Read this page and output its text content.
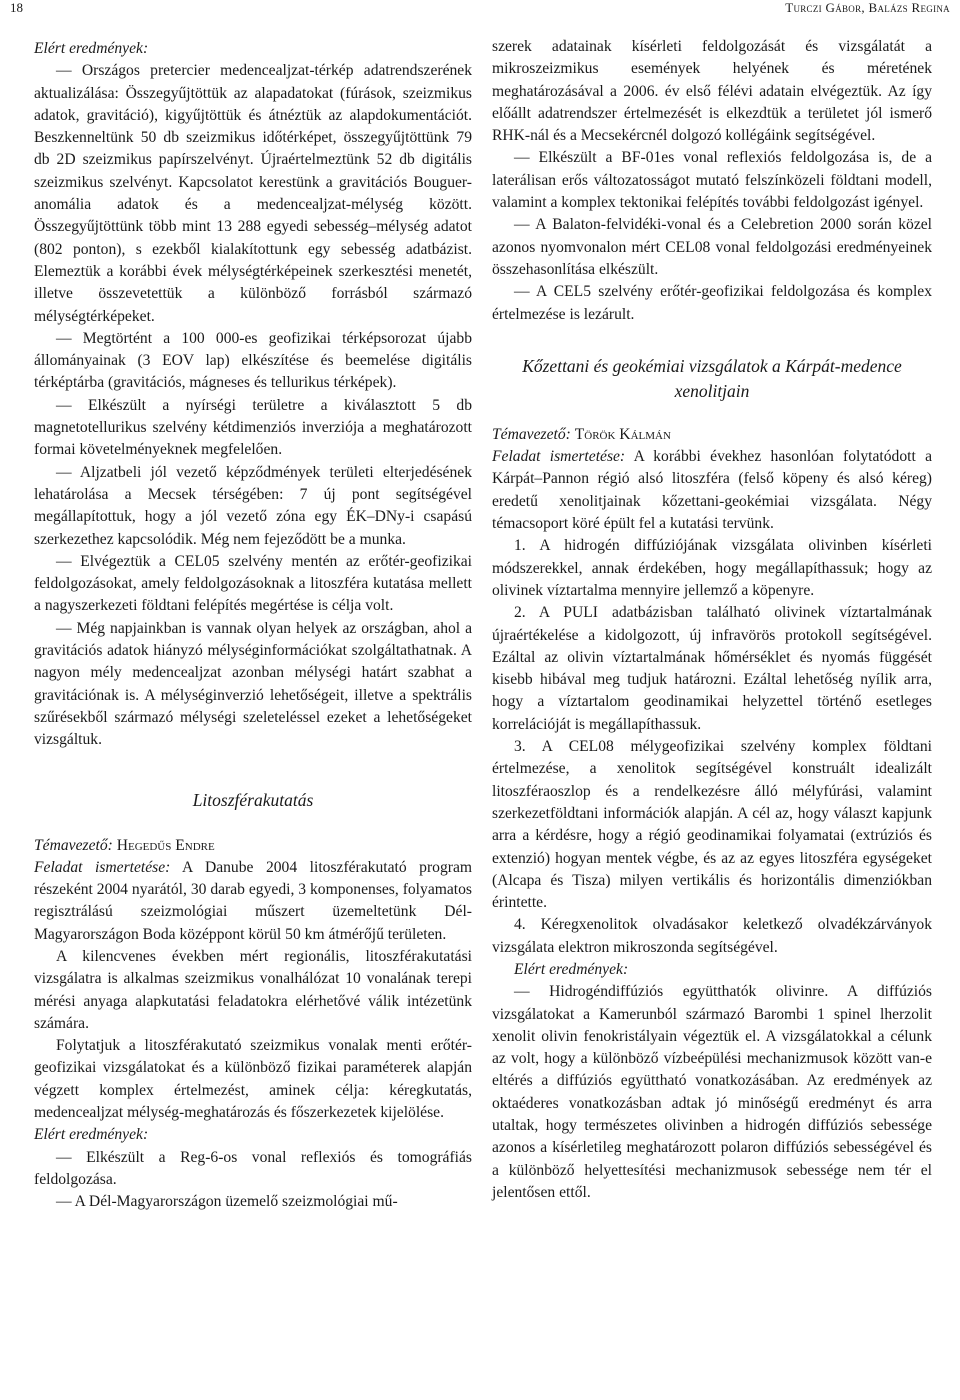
18	Turczi Gábor, Balázs Regina

Elért eredmények:

— Országos pretercier medencealjzat-térkép adatrendszerének aktualizálása: Összegyűjtöttük az alapadatokat (fúrások, szeizmikus adatok, gravitáció), kigyűjtöttük és átnéztük az alapdokumentációt. Beszkenneltünk 50 db szeizmikus időtérképet, összegyűjtöttünk 79 db 2D szeizmikus papírszelvényt. Újraértelmeztünk 52 db digitális szeizmikus szelvényt. Kapcsolatot kerestünk a gravitációs Bouguer-anomália adatok és a medencealjzat-mélység között. Összegyűjtöttünk több mint 13 288 egyedi sebesség–mélység adatot (802 ponton), s ezekből kialakítottunk egy sebesség adatbázist. Elemeztük a korábbi évek mélységtérképeinek szerkesztési menetét, illetve összevetettük a különböző forrásból származó mélységtérképeket.

— Megtörtént a 100 000-es geofizikai térképsorozat újabb állományainak (3 EOV lap) elkészítése és beemelése digitális térképtárba (gravitációs, mágneses és tellurikus térképek).

— Elkészült a nyírségi területre a kiválasztott 5 db magnetotellurikus szelvény kétdimenziós inverziója a meghatározott formai követelményeknek megfelelően.

— Aljzatbeli jól vezető képződmények területi elterjedésének lehatárolása a Mecsek térségében: 7 új pont segítségével megállapítottuk, hogy a jól vezető zóna egy ÉK–DNy-i csapású szerkezethez kapcsolódik. Még nem fejeződött be a munka.

— Elvégeztük a CEL05 szelvény mentén az erőtér-geofizikai feldolgozásokat, amely feldolgozásoknak a litoszféra kutatása mellett a nagyszerkezeti földtani felépítés megértése is célja volt.

— Még napjainkban is vannak olyan helyek az országban, ahol a gravitációs adatok hiányzó mélységinformációkat szolgáltathatnak. A nagyon mély medencealjzat azonban mélységi határt szabhat a gravitációnak is. A mélységinverzió lehetőségeit, illetve a spektrális szűrésekből származó mélységi szeleteléssel ezeket a lehetőségeket vizsgáltuk.

Litoszférakutatás

Témavezető: Hegedűs Endre

Feladat ismertetése: A Danube 2004 litoszférakutató program részeként 2004 nyarától, 30 darab egyedi, 3 komponenses, folyamatos regisztrálású szeizmológiai műszert üzemeltetünk Dél-Magyarországon Boda középpont körül 50 km átmérőjű területen.

A kilencvenes években mért regionális, litoszférakutatási vizsgálatra is alkalmas szeizmikus vonalhálózat 10 vonalának terepi mérési anyaga alapkutatási feladatokra elérhetővé válik intézetünk számára.

Folytatjuk a litoszférakutató szeizmikus vonalak menti erőtér-geofizikai vizsgálatokat és a különböző fizikai paraméterek alapján végzett komplex értelmezést, aminek célja: kéregkutatás, medencealjzat mélység-meghatározás és főszerkezetek kijelölése.

Elért eredmények:

— Elkészült a Reg-6-os vonal reflexiós és tomográfiás feldolgozása.

— A Dél-Magyarországon üzemelő szeizmológiai mű-

szerek adatainak kísérleti feldolgozását és vizsgálatát a mikroszeizmikus események helyének és méretének meghatározásával a 2006. év első félévi adatain elvégeztük. Az így előállt adatrendszer értelmezését is elkezdtük a területet jól ismerő RHK-nál és a Mecsekércnél dolgozó kollégáink segítségével.

— Elkészült a BF-01es vonal reflexiós feldolgozása is, de a laterálisan erős változatosságot mutató felszínközeli földtani modell, valamint a komplex tektonikai felépítés további feldolgozást igényel.

— A Balaton-felvidéki-vonal és a Celebretion 2000 során közel azonos nyomvonalon mért CEL08 vonal feldolgozási eredményeinek összehasonlítása elkészült.

— A CEL5 szelvény erőtér-geofizikai feldolgozása és komplex értelmezése is lezárult.

Kőzettani és geokémiai vizsgálatok a Kárpát-medence xenolitjain

Témavezető: Török Kálmán

Feladat ismertetése: A korábbi évekhez hasonlóan folytatódott a Kárpát–Pannon régió alsó litoszféra (felső köpeny és alsó kéreg) eredetű xenolitjainak kőzettani-geokémiai vizsgálata. Négy témacsoport köré épült fel a kutatási tervünk.

1. A hidrogén diffúziójának vizsgálata olivinben kísérleti módszerekkel, annak érdekében, hogy megállapíthassuk; hogy az olivinek víztartalma mennyire jellemző a köpenyre.

2. A PULI adatbázisban található olivinek víztartalmának újraértékelése a kidolgozott, új infravörös protokoll segítségével. Ezáltal az olivin víztartalmának hőmérséklet és nyomás függését kisebb hibával meg tudjuk határozni. Ezáltal lehetőség nyílik arra, hogy a víztartalom geodinamikai helyzettel történő esetleges korrelációját is megállapíthassuk.

3. A CEL08 mélygeofizikai szelvény komplex földtani értelmezése, a xenolitok segítségével konstruált idealizált litoszféraoszlop és a rendelkezésre álló mélyfúrási, valamint szerkezetföldtani információk alapján. A cél az, hogy választ kapjunk arra a kérdésre, hogy a régió geodinamikai folyamatai (extrúziós és extenzió) hogyan mentek végbe, és az az egyes litoszféra egységeket (Alcapa és Tisza) milyen vertikális és horizontális dimenziókban érintette.

4. Kéregxenolitok olvadásakor keletkező olvadékzárványok vizsgálata elektron mikroszonda segítségével.

Elért eredmények:

— Hidrogéndiffúziós együtthatók olivinre. A diffúziós vizsgálatokat a Kamerunból származó Barombi 1 spinel lherzolit xenolit olivin fenokristályain végeztük el. A vizsgálatokkal a célunk az volt, hogy a különböző vízbeépülési mechanizmusok között van-e eltérés a diffúziós együttható vonatkozásában. Az eredmények az oktaéderes vonatkozásban adtak jó minőségű eredményt és arra utaltak, hogy természetes olivinben a hidrogén diffúziós sebessége azonos a kísérletileg meghatározott polaron diffúziós sebességével és a különböző helyettesítési mechanizmusok sebessége nem tér el jelentősen ettől.
